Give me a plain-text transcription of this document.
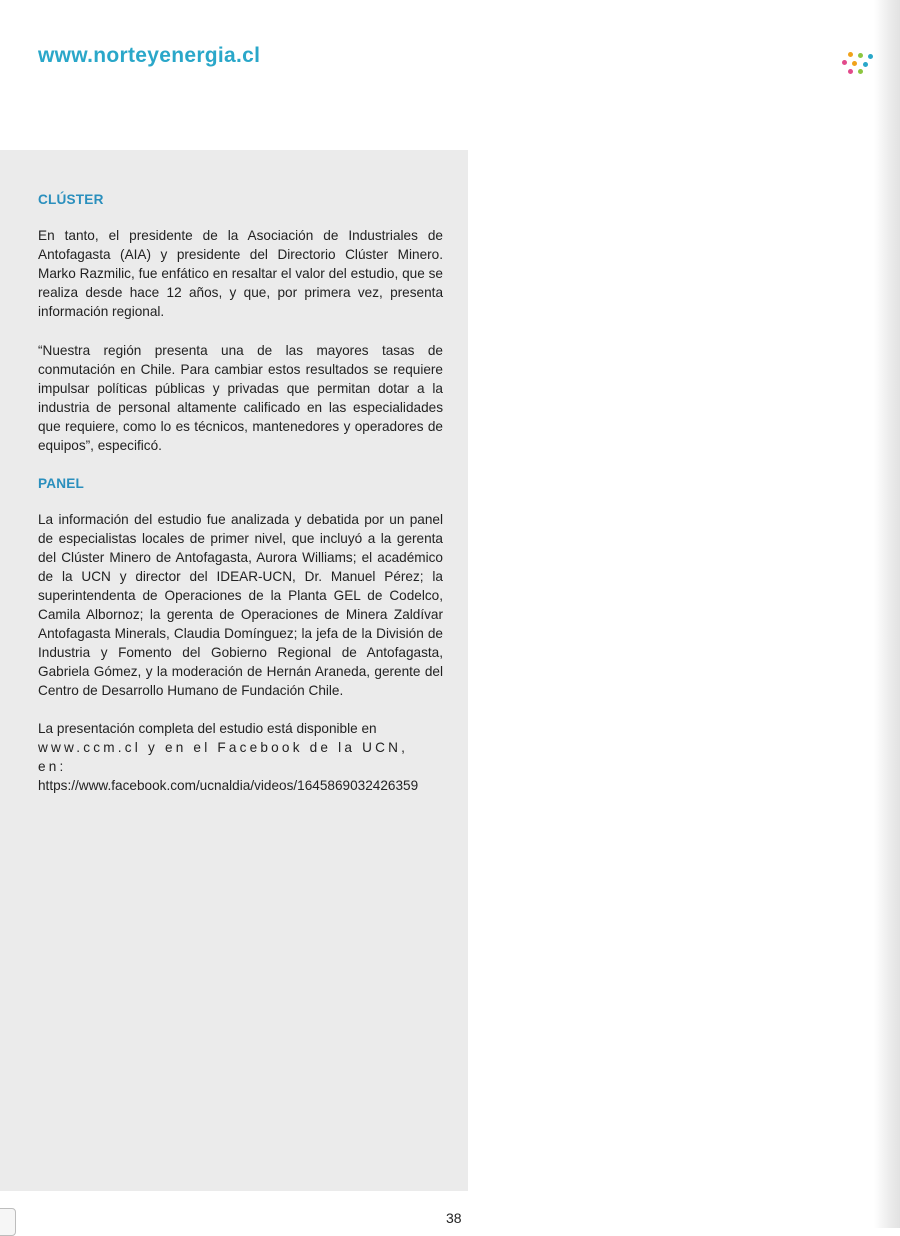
www.norteyenergia.cl
CLÚSTER

En tanto, el presidente de la Asociación de Industriales de Antofagasta (AIA) y presidente del Directorio Clúster Minero. Marko Razmilic, fue enfático en resaltar el valor del estudio, que se realiza desde hace 12 años, y que, por primera vez, presenta información regional.

“Nuestra región presenta una de las mayores tasas de conmutación en Chile. Para cambiar estos resultados se requiere impulsar políticas públicas y privadas que permitan dotar a la industria de personal altamente calificado en las especialidades que requiere, como lo es técnicos, mantenedores y operadores de equipos”, especificó.

PANEL

La información del estudio fue analizada y debatida por un panel de especialistas locales de primer nivel, que incluyó a la gerenta del Clúster Minero de Antofagasta, Aurora Williams; el académico de la UCN y director del IDEAR-UCN, Dr. Manuel Pérez; la superintendenta de Operaciones de la Planta GEL de Codelco, Camila Albornoz; la gerenta de Operaciones de Minera Zaldívar Antofagasta Minerals, Claudia Domínguez; la jefa de la División de Industria y Fomento del Gobierno Regional de Antofagasta, Gabriela Gómez, y la moderación de Hernán Araneda, gerente del Centro de Desarrollo Humano de Fundación Chile.

La presentación completa del estudio está disponible en
www.ccm.cl y en el Facebook de la UCN, en:
https://www.facebook.com/ucnaldia/videos/1645869032426359

38
